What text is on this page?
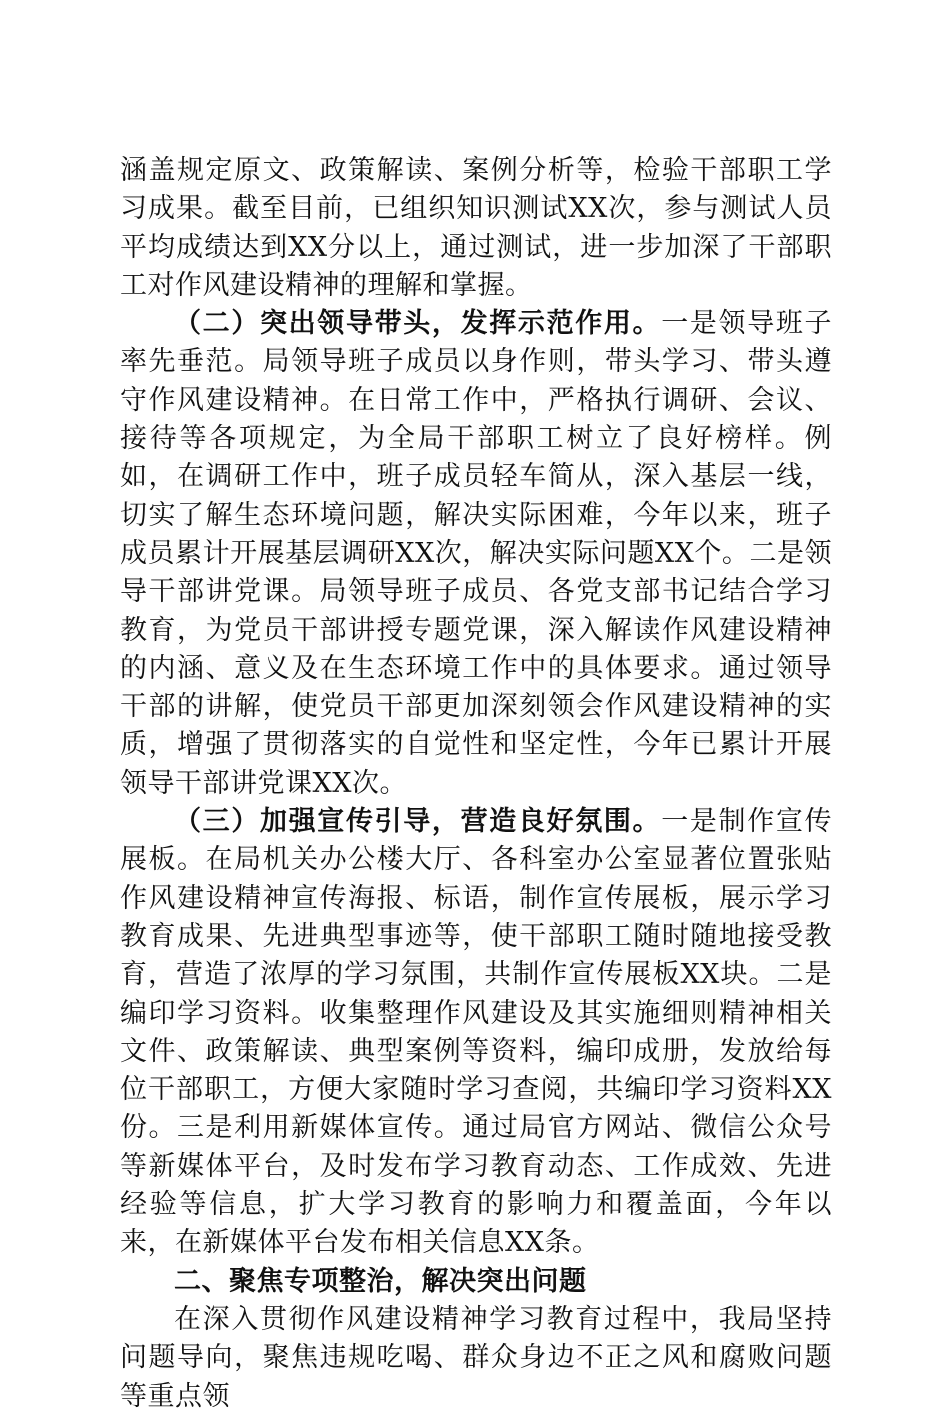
涵盖规定原文、政策解读、案例分析等，检验干部职工学习成果。截至目前，已组织知识测试XX次，参与测试人员平均成绩达到XX分以上，通过测试，进一步加深了干部职工对作风建设精神的理解和掌握。

（二）突出领导带头，发挥示范作用。一是领导班子率先垂范。局领导班子成员以身作则，带头学习、带头遵守作风建设精神。在日常工作中，严格执行调研、会议、接待等各项规定，为全局干部职工树立了良好榜样。例如，在调研工作中，班子成员轻车简从，深入基层一线，切实了解生态环境问题，解决实际困难，今年以来，班子成员累计开展基层调研XX次，解决实际问题XX个。二是领导干部讲党课。局领导班子成员、各党支部书记结合学习教育，为党员干部讲授专题党课，深入解读作风建设精神的内涵、意义及在生态环境工作中的具体要求。通过领导干部的讲解，使党员干部更加深刻领会作风建设精神的实质，增强了贯彻落实的自觉性和坚定性，今年已累计开展领导干部讲党课XX次。

（三）加强宣传引导，营造良好氛围。一是制作宣传展板。在局机关办公楼大厅、各科室办公室显著位置张贴作风建设精神宣传海报、标语，制作宣传展板，展示学习教育成果、先进典型事迹等，使干部职工随时随地接受教育，营造了浓厚的学习氛围，共制作宣传展板XX块。二是编印学习资料。收集整理作风建设及其实施细则精神相关文件、政策解读、典型案例等资料，编印成册，发放给每位干部职工，方便大家随时学习查阅，共编印学习资料XX份。三是利用新媒体宣传。通过局官方网站、微信公众号等新媒体平台，及时发布学习教育动态、工作成效、先进经验等信息，扩大学习教育的影响力和覆盖面，今年以来，在新媒体平台发布相关信息XX条。

二、聚焦专项整治，解决突出问题

在深入贯彻作风建设精神学习教育过程中，我局坚持问题导向，聚焦违规吃喝、群众身边不正之风和腐败问题等重点领
